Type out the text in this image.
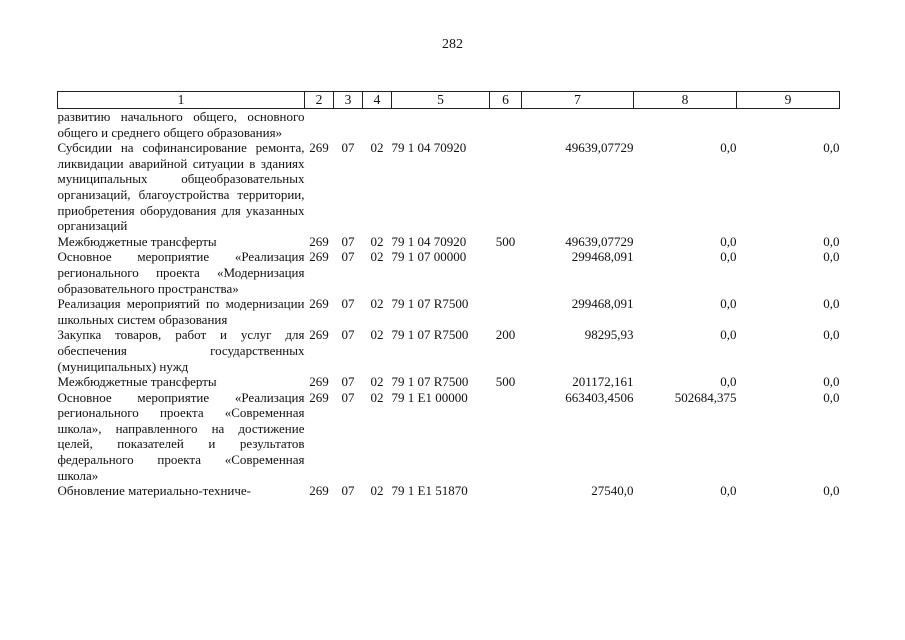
282
1	2	3	4	5	6	7	8	9
развитию начального общего, основного общего и среднего общего образования»								
Субсидии на софинансирование ремонта, ликвидации аварийной ситуации в зданиях муниципальных общеобразовательных организаций, благоустройства территории, приобретения оборудования для указанных организаций	269	07	02	79 1 04 70920		49639,07729	0,0	0,0
Межбюджетные трансферты	269	07	02	79 1 04 70920	500	49639,07729	0,0	0,0
Основное мероприятие «Реализация регионального проекта «Модернизация образовательного пространства»	269	07	02	79 1 07 00000		299468,091	0,0	0,0
Реализация мероприятий по модернизации школьных систем образования	269	07	02	79 1 07 R7500		299468,091	0,0	0,0
Закупка товаров, работ и услуг для обеспечения государственных (муниципальных) нужд	269	07	02	79 1 07 R7500	200	98295,93	0,0	0,0
Межбюджетные трансферты	269	07	02	79 1 07 R7500	500	201172,161	0,0	0,0
Основное мероприятие «Реализация регионального проекта «Современная школа», направленного на достижение целей, показателей и результатов федерального проекта «Современная школа»	269	07	02	79 1 E1 00000		663403,4506	502684,375	0,0
Обновление материально-техниче-	269	07	02	79 1 E1 51870		27540,0	0,0	0,0
